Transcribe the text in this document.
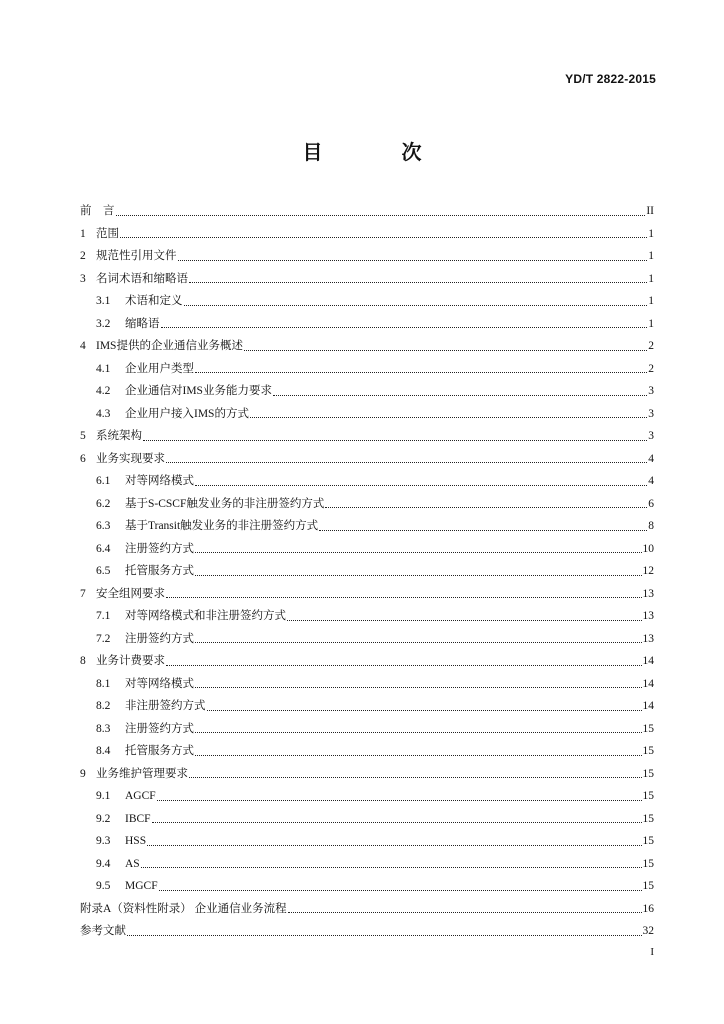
YD/T 2822-2015
目 次
前　言	II
1 范围	1
2 规范性引用文件	1
3 名词术语和缩略语	1
3.1	术语和定义	1
3.2	缩略语	1
4 IMS提供的企业通信业务概述	2
4.1	企业用户类型	2
4.2	企业通信对IMS业务能力要求	3
4.3	企业用户接入IMS的方式	3
5 系统架构	3
6 业务实现要求	4
6.1	对等网络模式	4
6.2	基于S-CSCF触发业务的非注册签约方式	6
6.3	基于Transit触发业务的非注册签约方式	8
6.4	注册签约方式	10
6.5	托管服务方式	12
7 安全组网要求	13
7.1	对等网络模式和非注册签约方式	13
7.2	注册签约方式	13
8 业务计费要求	14
8.1	对等网络模式	14
8.2	非注册签约方式	14
8.3	注册签约方式	15
8.4	托管服务方式	15
9 业务维护管理要求	15
9.1	AGCF	15
9.2	IBCF	15
9.3	HSS	15
9.4	AS	15
9.5	MGCF	15
附录A（资料性附录） 企业通信业务流程	16
参考文献	32
I
